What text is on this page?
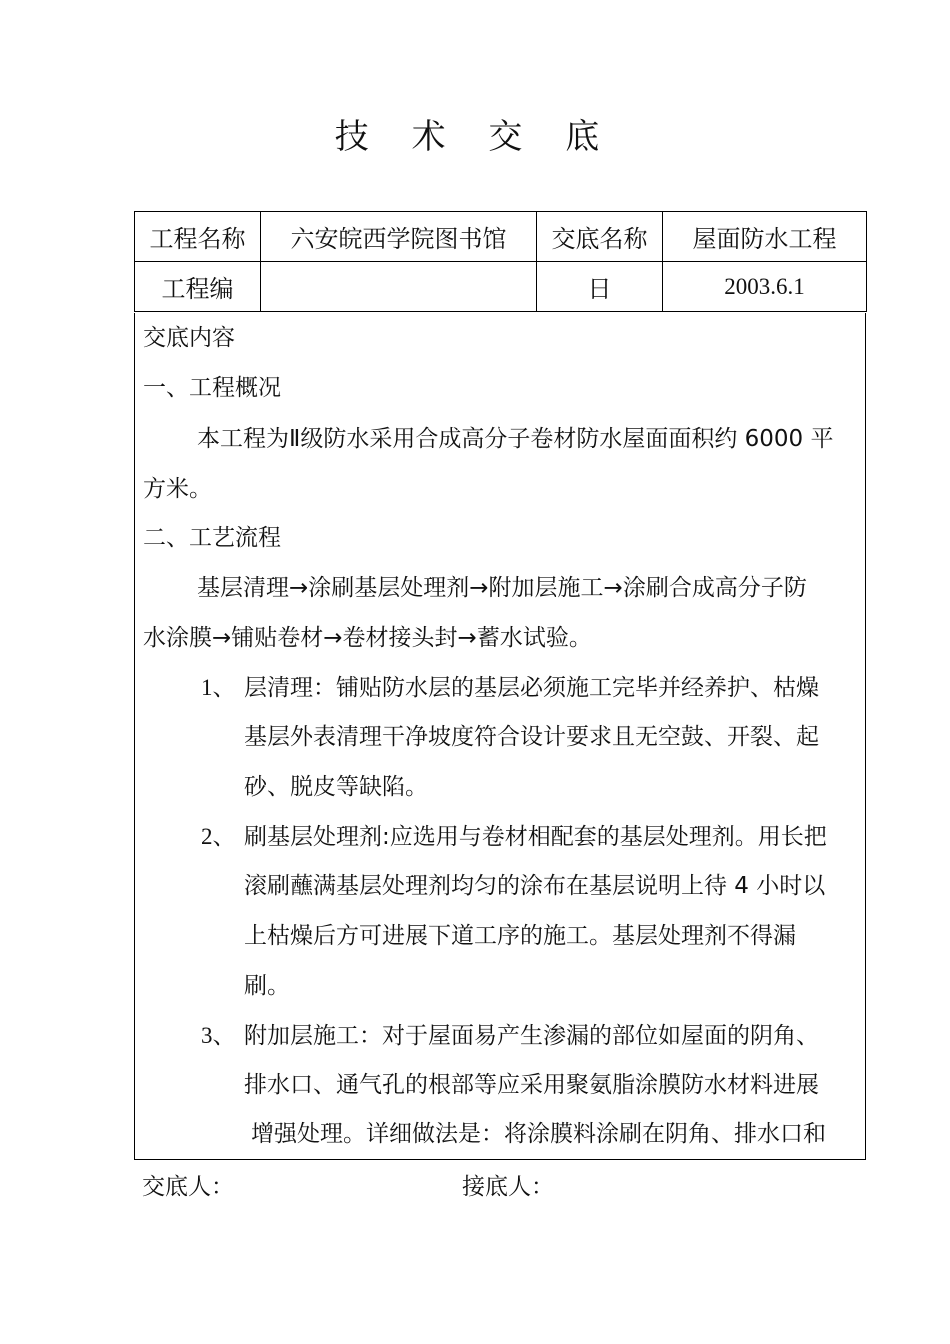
技 术 交 底
工程名称	六安皖西学院图书馆	交底名称	屋面防水工程
工程编		日	2003.6.1
交底内容
一、工程概况
本工程为Ⅱ级防水采用合成高分子卷材防水屋面面积约 6000 平
方米。
二、工艺流程
基层清理→涂刷基层处理剂→附加层施工→涂刷合成高分子防
水涂膜→铺贴卷材→卷材接头封→蓄水试验。
1、 层清理：铺贴防水层的基层必须施工完毕并经养护、枯燥
基层外表清理干净坡度符合设计要求且无空鼓、开裂、起
砂、脱皮等缺陷。
2、 刷基层处理剂:应选用与卷材相配套的基层处理剂。用长把
滚刷蘸满基层处理剂均匀的涂布在基层说明上待 4 小时以
上枯燥后方可进展下道工序的施工。基层处理剂不得漏
刷。
3、 附加层施工：对于屋面易产生渗漏的部位如屋面的阴角、
排水口、通气孔的根部等应采用聚氨脂涂膜防水材料进展
增强处理。详细做法是：将涂膜料涂刷在阴角、排水口和
交底人：	接底人：
